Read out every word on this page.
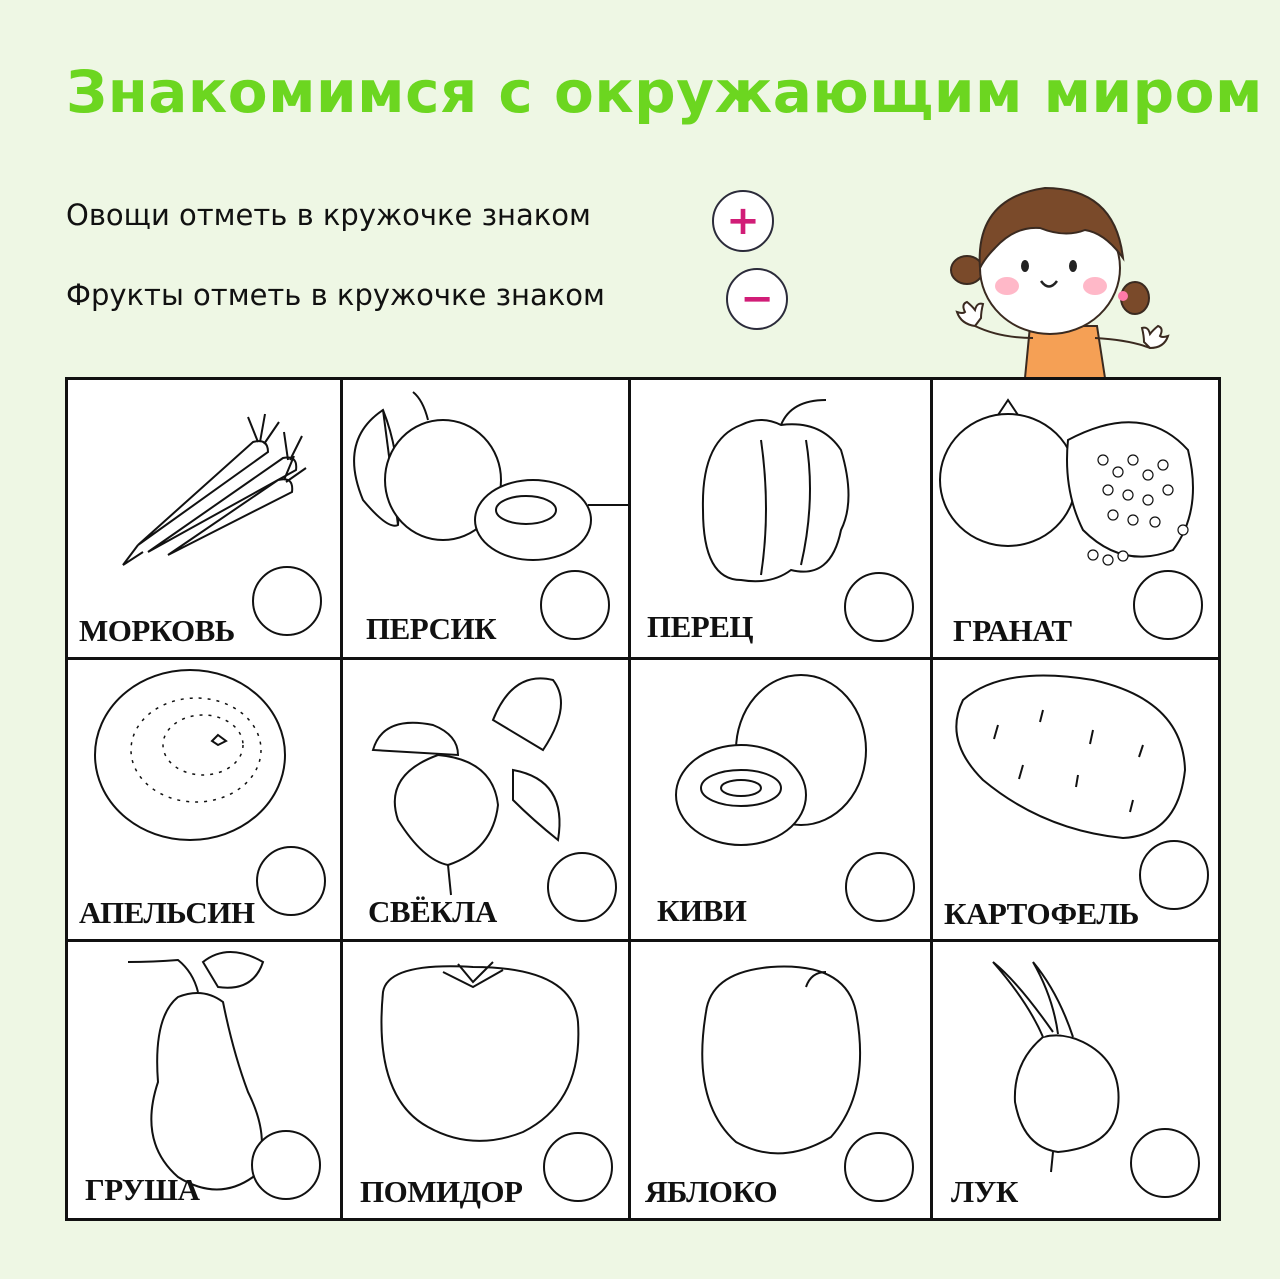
Знакомимся с окружающим миром
Овощи отметь в кружочке знаком	+
Фрукты отметь в кружочке знаком	−
МОРКОВЬ	ПЕРСИК	ПЕРЕЦ	ГРАНАТ
АПЕЛЬСИН	СВЁКЛА	КИВИ	КАРТОФЕЛЬ
ГРУША	ПОМИДОР	ЯБЛОКО	ЛУК
